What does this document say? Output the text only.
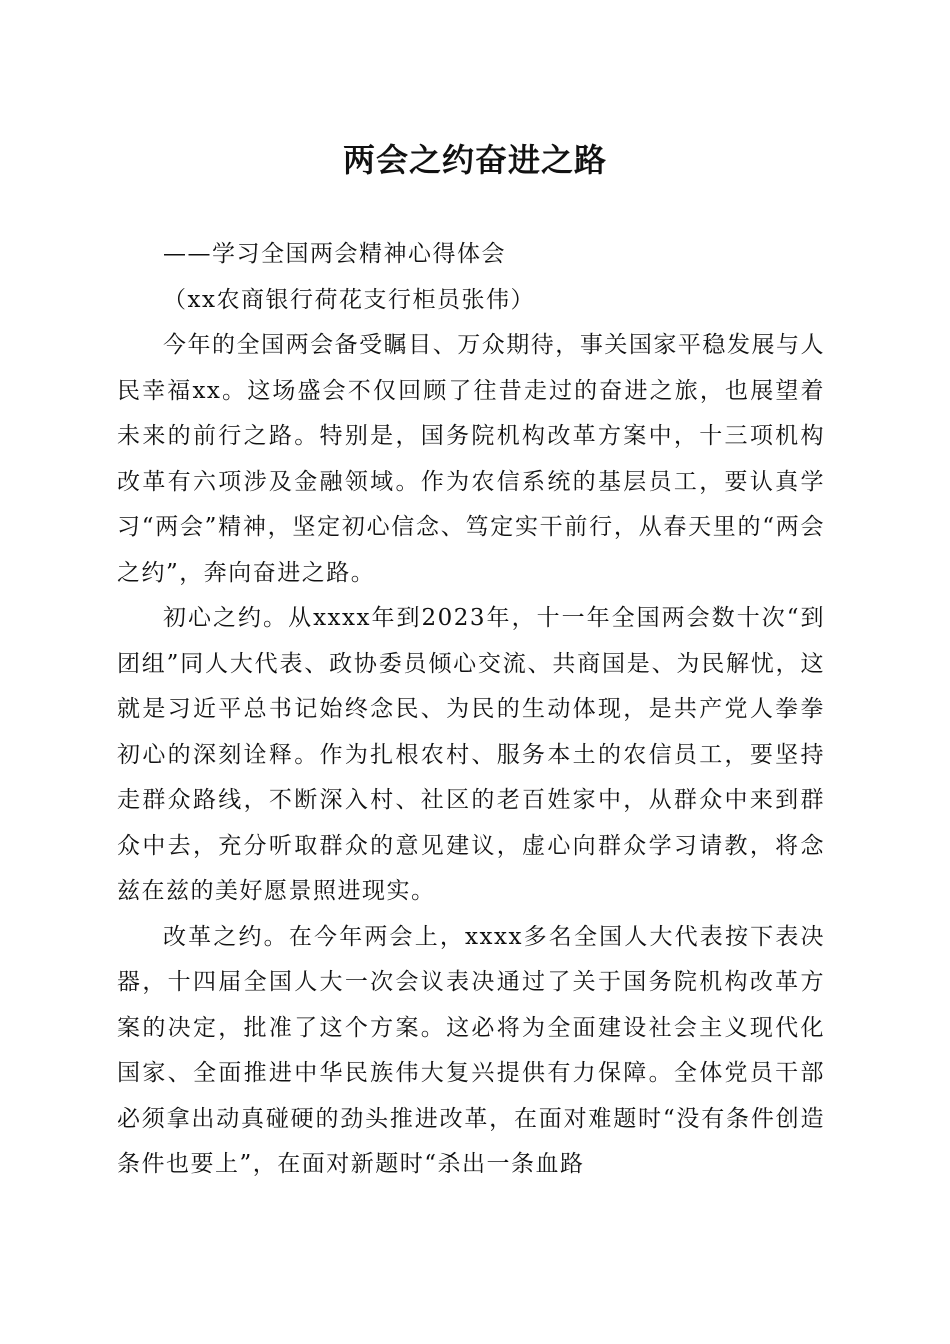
两会之约奋进之路

——学习全国两会精神心得体会

（xx农商银行荷花支行柜员张伟）

今年的全国两会备受瞩目、万众期待，事关国家平稳发展与人民幸福xx。这场盛会不仅回顾了往昔走过的奋进之旅，也展望着未来的前行之路。特别是，国务院机构改革方案中，十三项机构改革有六项涉及金融领域。作为农信系统的基层员工，要认真学习“两会”精神，坚定初心信念、笃定实干前行，从春天里的“两会之约”，奔向奋进之路。

初心之约。从xxxx年到2023年，十一年全国两会数十次“到团组”同人大代表、政协委员倾心交流、共商国是、为民解忧，这就是习近平总书记始终念民、为民的生动体现，是共产党人拳拳初心的深刻诠释。作为扎根农村、服务本土的农信员工，要坚持走群众路线，不断深入村、社区的老百姓家中，从群众中来到群众中去，充分听取群众的意见建议，虚心向群众学习请教，将念兹在兹的美好愿景照进现实。

改革之约。在今年两会上，xxxx多名全国人大代表按下表决器，十四届全国人大一次会议表决通过了关于国务院机构改革方案的决定，批准了这个方案。这必将为全面建设社会主义现代化国家、全面推进中华民族伟大复兴提供有力保障。全体党员干部必须拿出动真碰硬的劲头推进改革，在面对难题时“没有条件创造条件也要上”，在面对新题时“杀出一条血路
